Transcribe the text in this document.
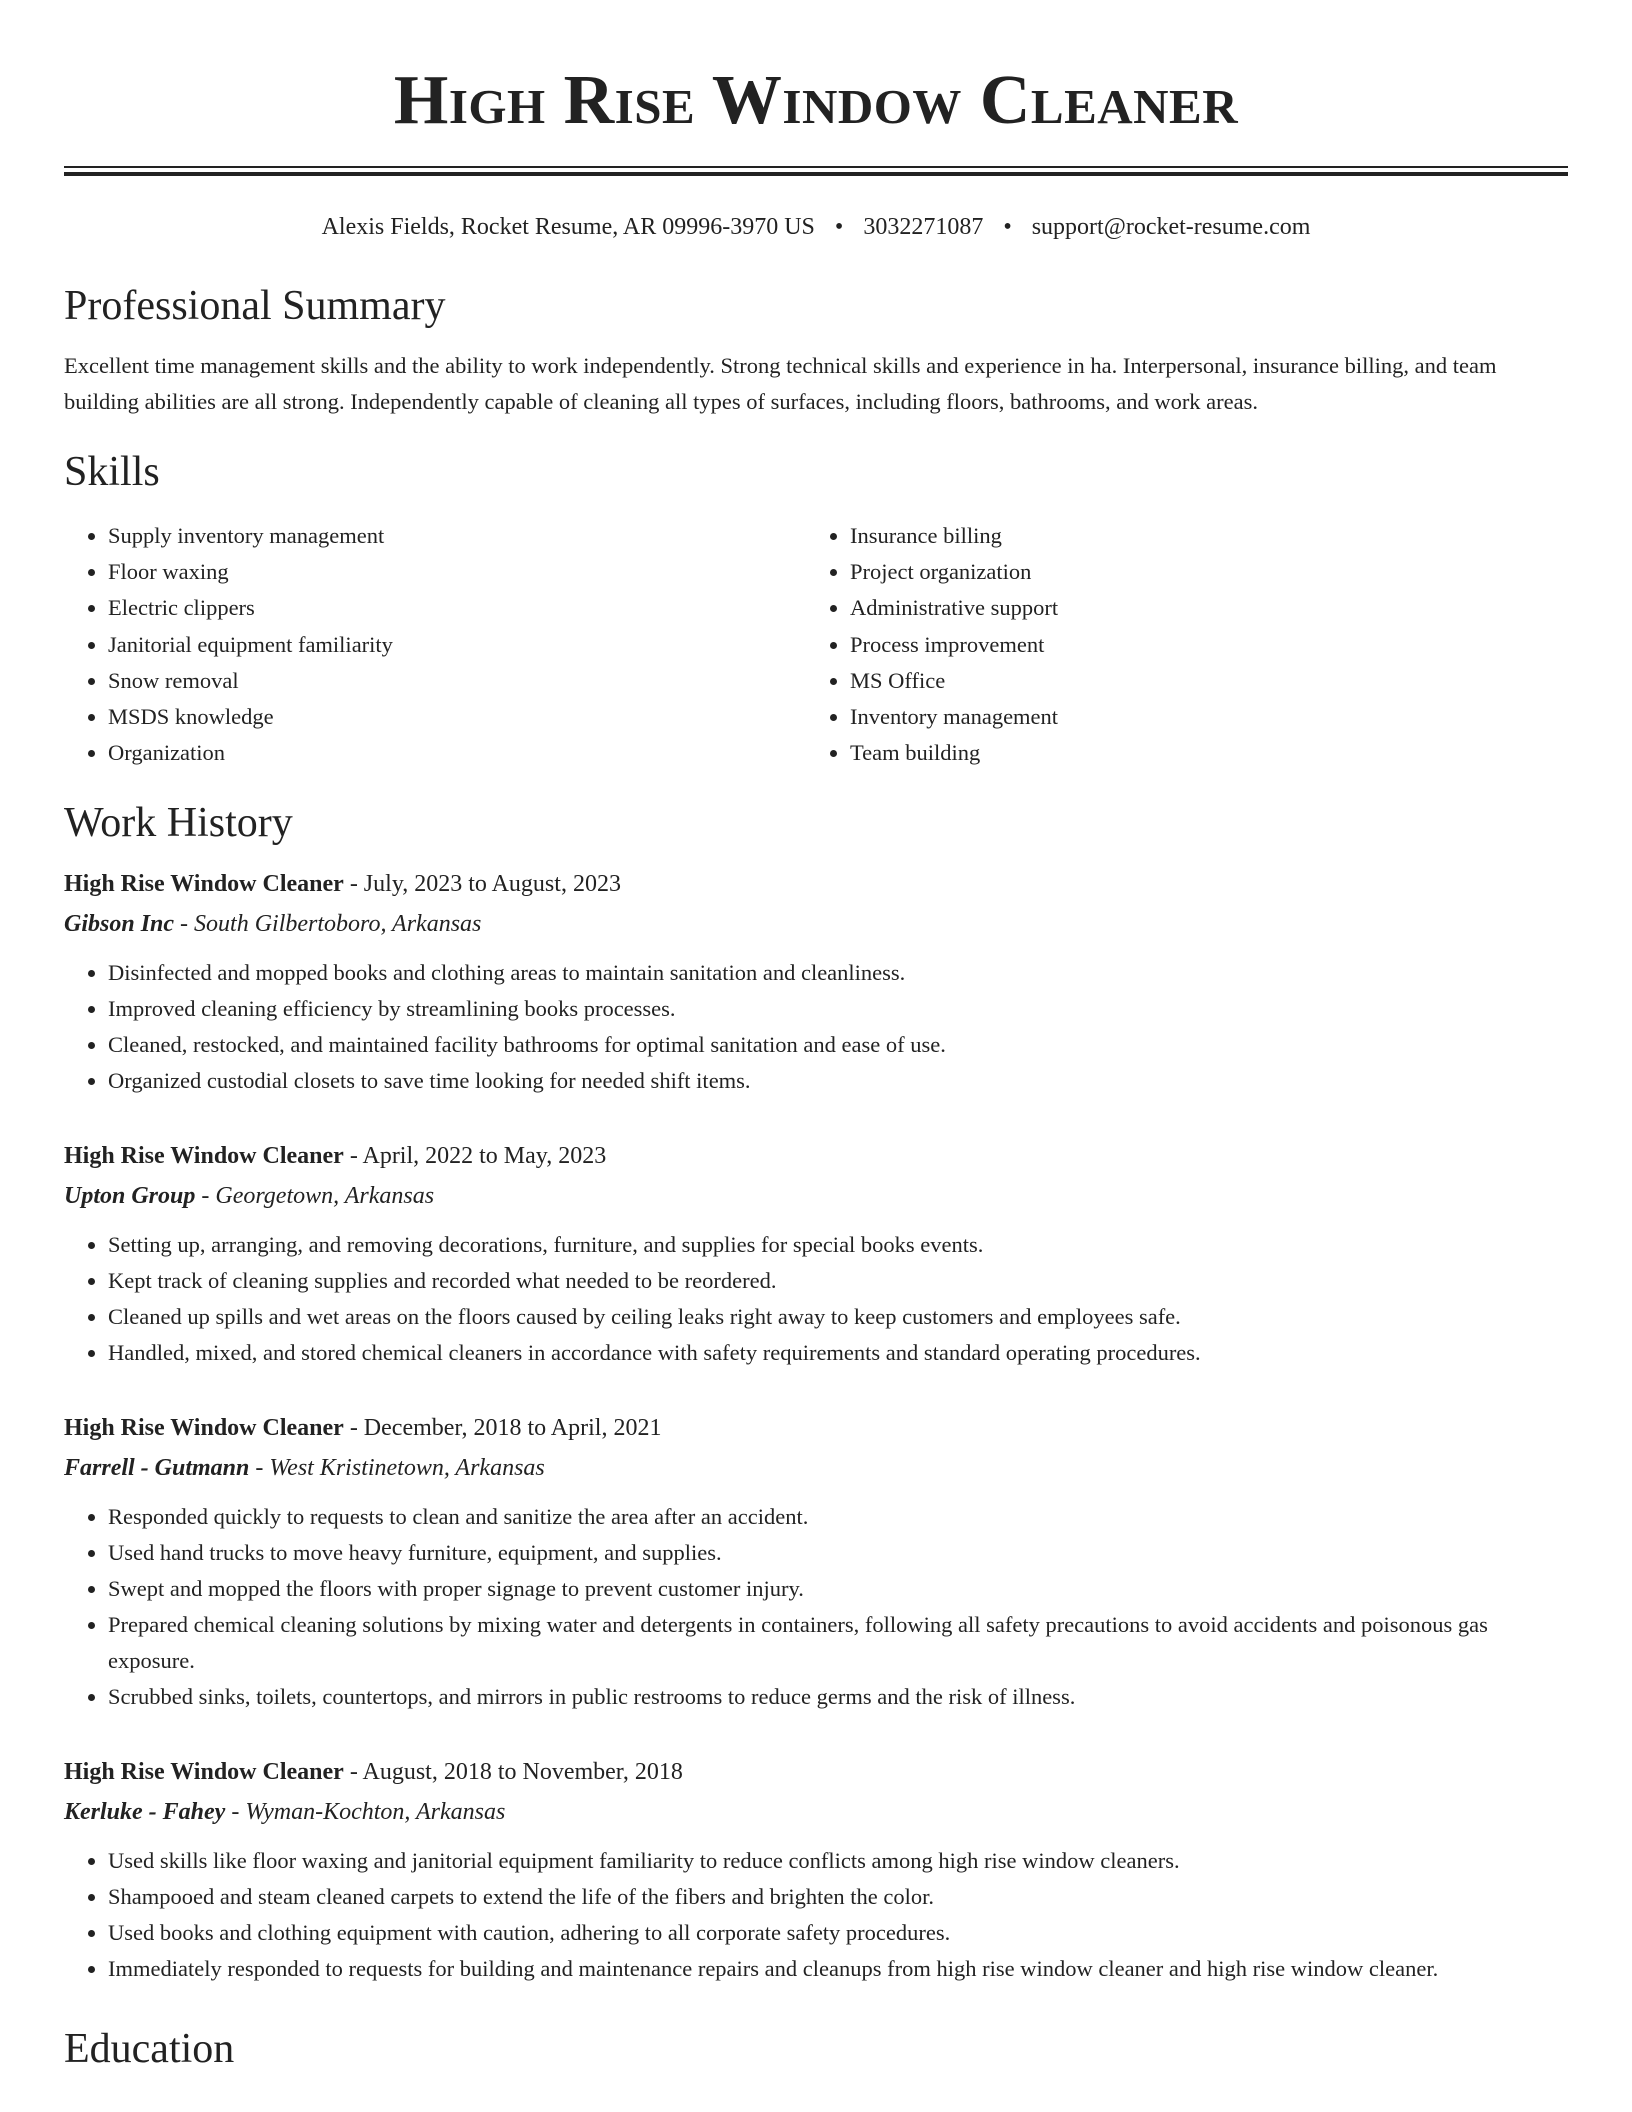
High Rise Window Cleaner
Alexis Fields, Rocket Resume, AR 09996-3970 US • 3032271087 • support@rocket-resume.com
Professional Summary

Excellent time management skills and the ability to work independently. Strong technical skills and experience in ha. Interpersonal, insurance billing, and team building abilities are all strong. Independently capable of cleaning all types of surfaces, including floors, bathrooms, and work areas.

Skills
• Supply inventory management
• Floor waxing
• Electric clippers
• Janitorial equipment familiarity
• Snow removal
• MSDS knowledge
• Organization
• Insurance billing
• Project organization
• Administrative support
• Process improvement
• MS Office
• Inventory management
• Team building
Work History
High Rise Window Cleaner - July, 2023 to August, 2023
Gibson Inc - South Gilbertoboro, Arkansas
• Disinfected and mopped books and clothing areas to maintain sanitation and cleanliness.
• Improved cleaning efficiency by streamlining books processes.
• Cleaned, restocked, and maintained facility bathrooms for optimal sanitation and ease of use.
• Organized custodial closets to save time looking for needed shift items.
High Rise Window Cleaner - April, 2022 to May, 2023
Upton Group - Georgetown, Arkansas
• Setting up, arranging, and removing decorations, furniture, and supplies for special books events.
• Kept track of cleaning supplies and recorded what needed to be reordered.
• Cleaned up spills and wet areas on the floors caused by ceiling leaks right away to keep customers and employees safe.
• Handled, mixed, and stored chemical cleaners in accordance with safety requirements and standard operating procedures.
High Rise Window Cleaner - December, 2018 to April, 2021
Farrell - Gutmann - West Kristinetown, Arkansas
• Responded quickly to requests to clean and sanitize the area after an accident.
• Used hand trucks to move heavy furniture, equipment, and supplies.
• Swept and mopped the floors with proper signage to prevent customer injury.
• Prepared chemical cleaning solutions by mixing water and detergents in containers, following all safety precautions to avoid accidents and poisonous gas exposure.
• Scrubbed sinks, toilets, countertops, and mirrors in public restrooms to reduce germs and the risk of illness.
High Rise Window Cleaner - August, 2018 to November, 2018
Kerluke - Fahey - Wyman-Kochton, Arkansas
• Used skills like floor waxing and janitorial equipment familiarity to reduce conflicts among high rise window cleaners.
• Shampooed and steam cleaned carpets to extend the life of the fibers and brighten the color.
• Used books and clothing equipment with caution, adhering to all corporate safety procedures.
• Immediately responded to requests for building and maintenance repairs and cleanups from high rise window cleaner and high rise window cleaner.
Education
